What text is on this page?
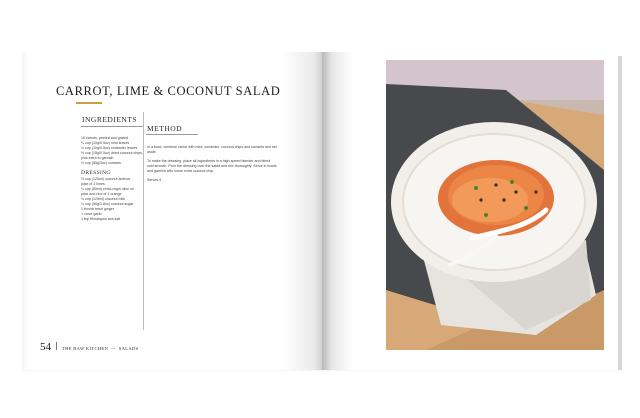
CARROT, LIME & COCONUT SALAD
INGREDIENTS
10 carrots, peeled and grated
¼ cup (10g/0.5oz) mint leaves
¼ cup (10g/0.5oz) coriander leaves
½ cup (15g/0.5oz) dried coconut chips, plus extra to garnish
½ cup (85g/3oz) currants
DRESSING
½ cup (125ml) coconut aminos
juice of 2 limes
¼ cup (65ml) extra-virgin olive oil
juice and rind of 1 orange
¼ cup (125ml) coconut milk
¼ cup (50g/1.8oz) coconut sugar
1 thumb fresh ginger
1 clove garlic
1 tsp Himalayan sea salt
METHOD

In a bowl, combine carrot with mint, coriander, coconut chips and currants and set aside.

To make the dressing, place all ingredients in a high-speed blender and blend until smooth. Pour the dressing over the salad and mix thoroughly. Serve in bowls and garnish with some extra coconut chip.

Serves 4

54 THE RAW KITCHEN — SALADS
